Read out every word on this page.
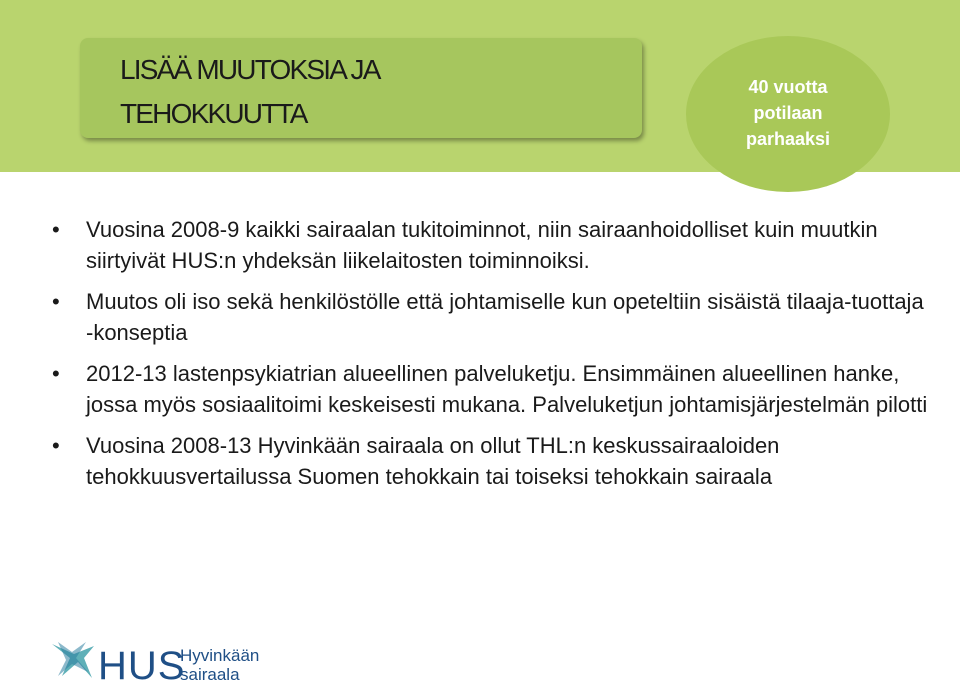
LISÄÄ MUUTOKSIA JA
TEHOKKUUTTA
40 vuotta
potilaan
parhaaksi
• Vuosina 2008-9 kaikki sairaalan tukitoiminnot, niin sairaanhoidolliset kuin muutkin siirtyivät HUS:n yhdeksän liikelaitosten toiminnoiksi.
• Muutos oli iso sekä henkilöstölle että johtamiselle kun opeteltiin sisäistä tilaaja-tuottaja -konseptia
• 2012-13 lastenpsykiatrian alueellinen palveluketju. Ensimmäinen alueellinen hanke, jossa myös sosiaalitoimi keskeisesti mukana. Palveluketjun johtamisjärjestelmän pilotti
• Vuosina 2008-13 Hyvinkään sairaala on ollut THL:n keskussairaaloiden tehokkuusvertailussa Suomen tehokkain tai toiseksi tehokkain sairaala
HUS
Hyvinkään
sairaala
